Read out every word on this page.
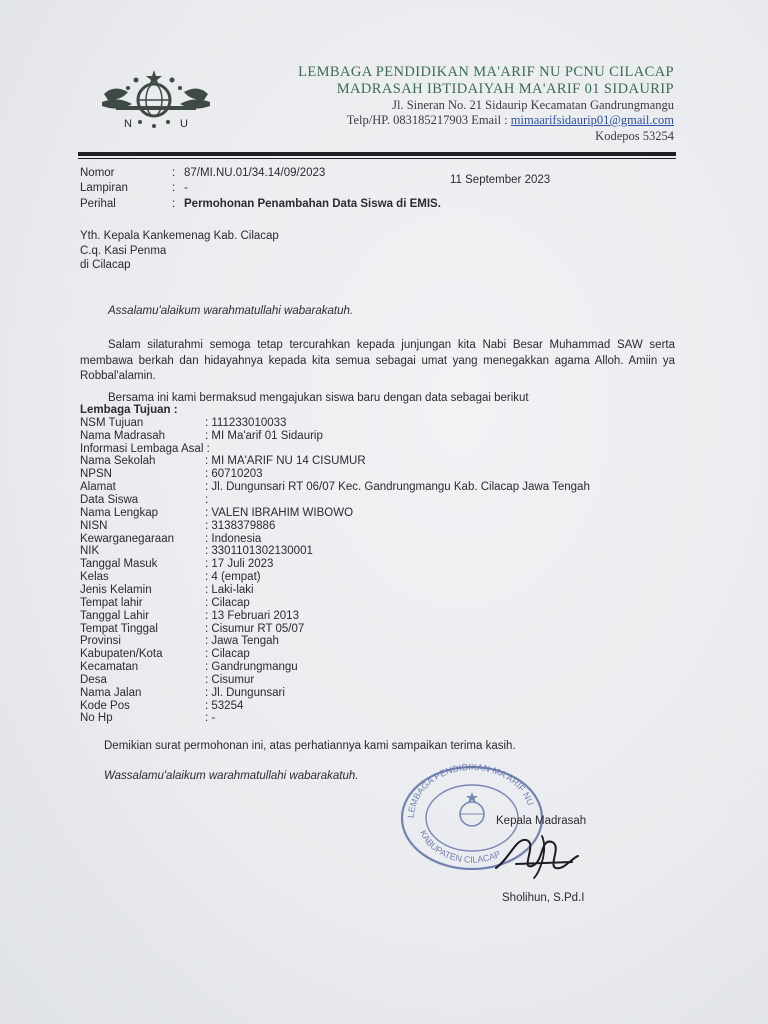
N	U
LEMBAGA PENDIDIKAN MA'ARIF NU PCNU CILACAP
MADRASAH IBTIDAIYAH MA'ARIF 01 SIDAURIP
Jl. Sineran No. 21 Sidaurip Kecamatan Gandrungmangu
Telp/HP. 083185217903 Email : mimaarifsidaurip01@gmail.com
Kodepos 53254
Nomor	: 87/MI.NU.01/34.14/09/2023
Lampiran	: -
Perihal	: Permohonan Penambahan Data Siswa di EMIS.
11 September 2023
Yth. Kepala Kankemenag Kab. Cilacap
C.q. Kasi Penma
di Cilacap
Assalamu'alaikum warahmatullahi wabarakatuh.
Salam silaturahmi semoga tetap tercurahkan kepada junjungan kita Nabi Besar Muhammad SAW serta membawa berkah dan hidayahnya kepada kita semua sebagai umat yang menegakkan agama Alloh. Amiin ya Robbal'alamin.
Bersama ini kami bermaksud mengajukan siswa baru dengan data sebagai berikut
Lembaga Tujuan :
NSM Tujuan	: 111233010033
Nama Madrasah	: MI Ma'arif 01 Sidaurip
Informasi Lembaga Asal :
Nama Sekolah	: MI MA'ARIF NU 14 CISUMUR
NPSN	: 60710203
Alamat	: Jl. Dungunsari RT 06/07 Kec. Gandrungmangu Kab. Cilacap Jawa Tengah
Data Siswa	:
Nama Lengkap	: VALEN IBRAHIM WIBOWO
NISN	: 3138379886
Kewarganegaraan	: Indonesia
NIK	: 3301101302130001
Tanggal Masuk	: 17 Juli 2023
Kelas	: 4 (empat)
Jenis Kelamin	: Laki-laki
Tempat lahir	: Cilacap
Tanggal Lahir	: 13 Februari 2013
Tempat Tinggal	: Cisumur RT 05/07
Provinsi	: Jawa Tengah
Kabupaten/Kota	: Cilacap
Kecamatan	: Gandrungmangu
Desa	: Cisumur
Nama Jalan	: Jl. Dungunsari
Kode Pos	: 53254
No Hp	: -
Demikian surat permohonan ini, atas perhatiannya kami sampaikan terima kasih.
Wassalamu'alaikum warahmatullahi wabarakatuh.
LEMBAGA PENDIDIKAN MA'ARIF NU
KABUPATEN CILACAP
Kepala Madrasah
Sholihun, S.Pd.I
